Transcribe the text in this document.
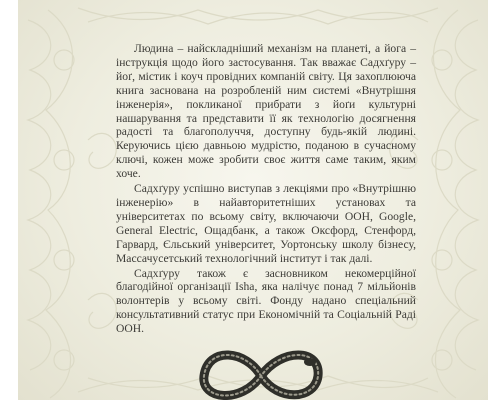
Людина – найскладніший механізм на планеті, а йога – інструкція щодо його застосування. Так вважає Садхґуру – йоґ, містик і коуч провідних компаній світу. Ця захоплююча книга заснована на розробленій ним системі «Внутрішня інженерія», покликаної прибрати з йоґи культурні нашарування та представити її як технологію досягнення радості та благополуччя, доступну будь-якій людині. Керуючись цією давньою мудрістю, поданою в сучасному ключі, кожен може зробити своє життя саме таким, яким хоче.

Садхґуру успішно виступав з лекціями про «Внутрішню інженерію» в найавторитетніших установах та університетах по всьому світу, включаючи ООН, Google, General Electric, Ощадбанк, а також Оксфорд, Стенфорд, Гарвард, Єльський університет, Уортонську школу бізнесу, Массачусетський технологічний інститут і так далі.

Садхґуру також є засновником некомерційної благодійної організації Isha, яка налічує понад 7 мільйонів волонтерів у всьому світі. Фонду надано спеціальний консультативний статус при Економічній та Соціальній Раді ООН.
